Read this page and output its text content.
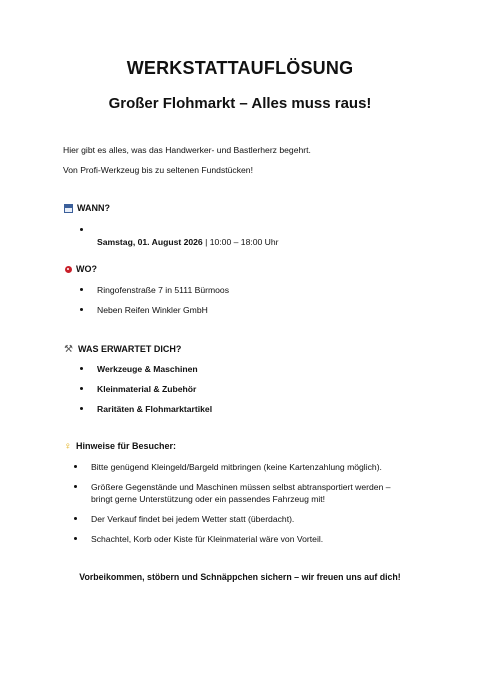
WERKSTATTAUFLÖSUNG
Großer Flohmarkt – Alles muss raus!
Hier gibt es alles, was das Handwerker- und Bastlerherz begehrt.
Von Profi-Werkzeug bis zu seltenen Fundstücken!
WANN?

Samstag, 01. August 2026 | 10:00 – 18:00 Uhr

WO?
Ringofenstraße 7 in 5111 Bürmoos
Neben Reifen Winkler GmbH
⚒ WAS ERWARTET DICH?
Werkzeuge & Maschinen
Kleinmaterial & Zubehör
Raritäten & Flohmarktartikel
♀ Hinweise für Besucher:
Bitte genügend Kleingeld/Bargeld mitbringen (keine Kartenzahlung möglich).
Größere Gegenstände und Maschinen müssen selbst abtransportiert werden –
bringt gerne Unterstützung oder ein passendes Fahrzeug mit!
Der Verkauf findet bei jedem Wetter statt (überdacht).
Schachtel, Korb oder Kiste für Kleinmaterial wäre von Vorteil.
Vorbeikommen, stöbern und Schnäppchen sichern – wir freuen uns auf dich!
